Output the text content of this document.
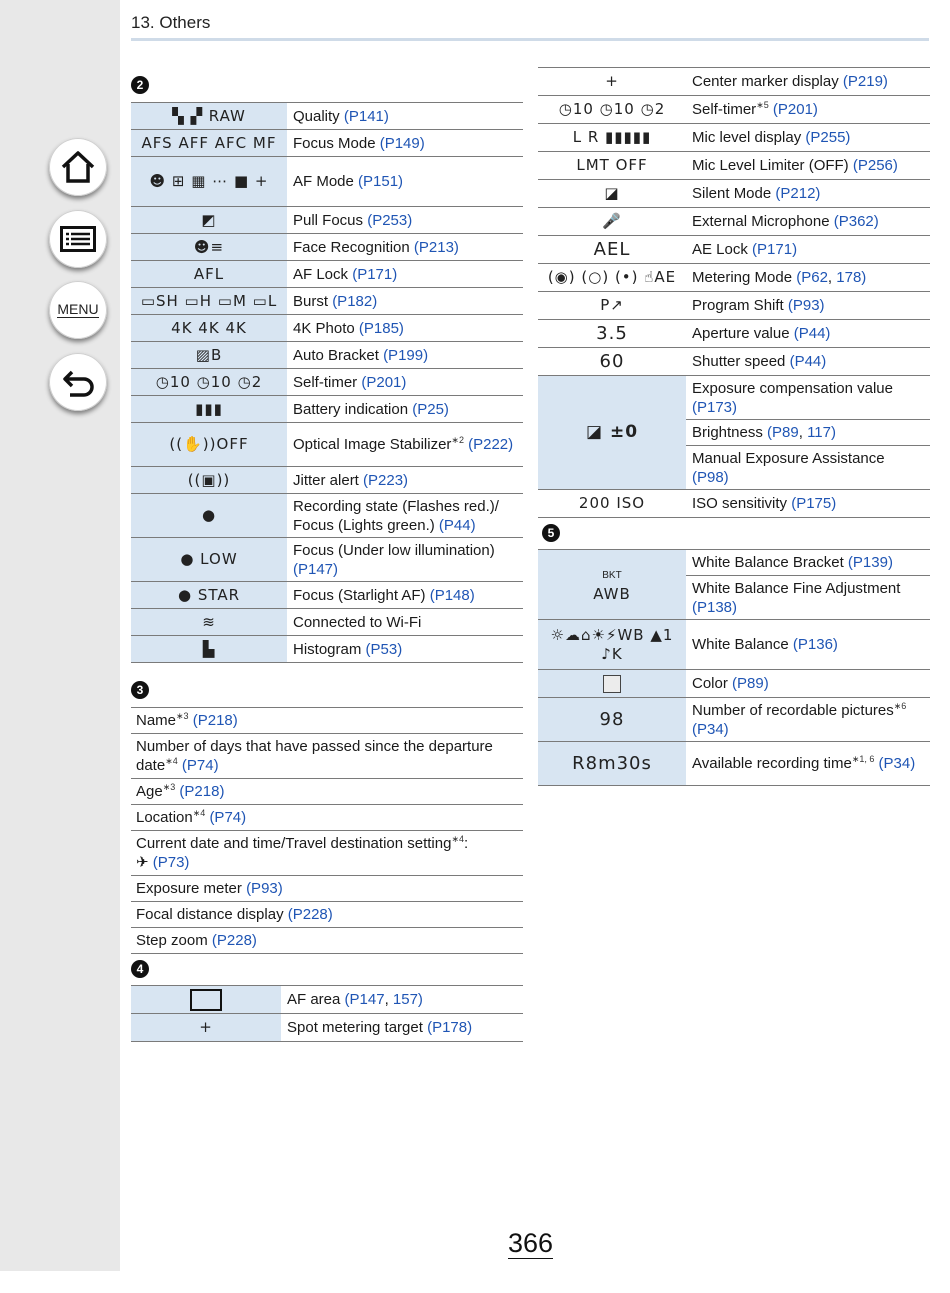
MENU
13. Others
2
▚ ▞ RAW	Quality (P141)
AFS AFF AFC MF	Focus Mode (P149)
☻ ⊞ ▦ ⋯ ■ +	AF Mode (P151)
◩	Pull Focus (P253)
☻≡	Face Recognition (P213)
AFL	AF Lock (P171)
▭SH ▭H ▭M ▭L	Burst (P182)
4K 4K 4K	4K Photo (P185)
▨B	Auto Bracket (P199)
◷10 ◷10 ◷2	Self-timer (P201)
▮▮▮	Battery indication (P25)
((✋))OFF	Optical Image Stabilizer$^{∗2}$ (P222)
((▣))	Jitter alert (P223)
●	Recording state (Flashes red.)/ Focus (Lights green.) (P44)
● LOW	Focus (Under low illumination) (P147)
● STAR	Focus (Starlight AF) (P148)
≋	Connected to Wi-Fi
▙	Histogram (P53)
3
Name$^{∗3}$ (P218)
Number of days that have passed since the departure date$^{∗4}$ (P74)
Age$^{∗3}$ (P218)
Location$^{∗4}$ (P74)
Current date and time/Travel destination setting$^{∗4}$:
✈ (P73)
Exposure meter (P93)
Focal distance display (P228)
Step zoom (P228)
4
	AF area (P147, 157)
+	Spot metering target (P178)
+	Center marker display (P219)
◷10 ◷10 ◷2	Self-timer$^{∗5}$ (P201)
L R ▮▮▮▮▮	Mic level display (P255)
LMT OFF	Mic Level Limiter (OFF) (P256)
◪	Silent Mode (P212)
🎤	External Microphone (P362)
AEL	AE Lock (P171)
(◉) (○) (•) ☝AE	Metering Mode (P62, 178)
P↗	Program Shift (P93)
3.5	Aperture value (P44)
60	Shutter speed (P44)
◪ ±0	Exposure compensation value (P173)
	Brightness (P89, 117)
	Manual Exposure Assistance (P98)
200 ISO	ISO sensitivity (P175)
5
BKT
AWB	White Balance Bracket (P139)
	White Balance Fine Adjustment (P138)
☼☁⌂☀⚡WB ▲1 ♪K	White Balance (P136)
	Color (P89)
98	Number of recordable pictures$^{∗6}$ (P34)
R8m30s	Available recording time$^{∗1, 6}$ (P34)
366
